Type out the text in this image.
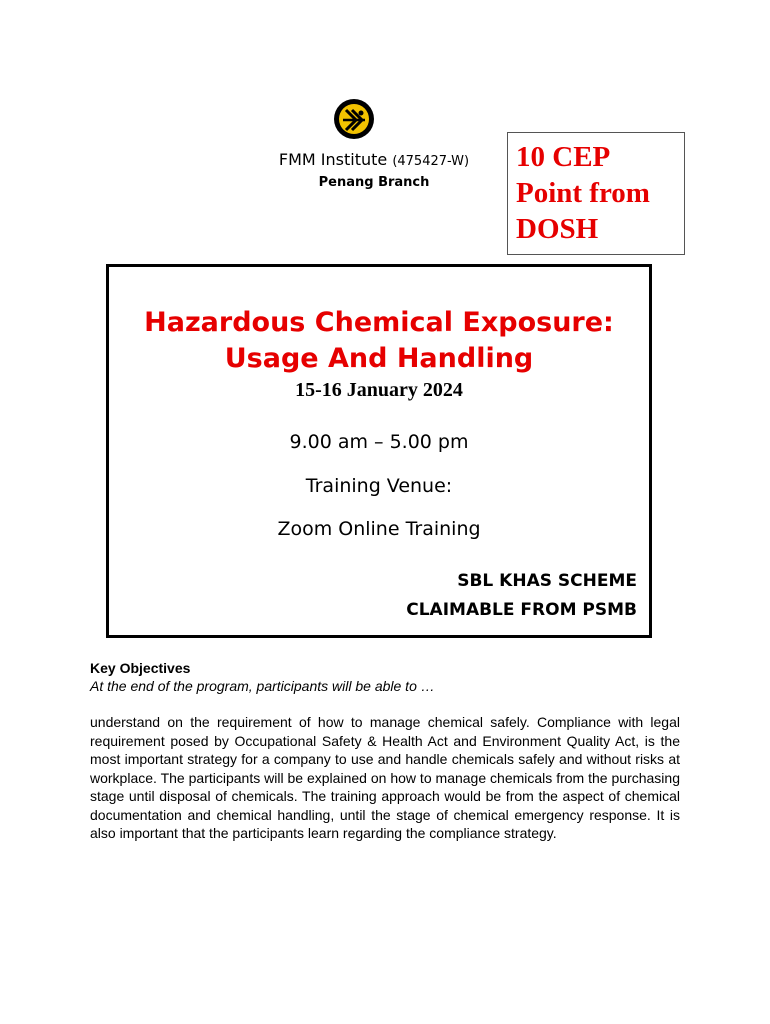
FMM Institute (475427-W)
Penang Branch
10 CEP
Point from
DOSH
Hazardous Chemical Exposure:
Usage And Handling
15-16 January 2024
9.00 am – 5.00 pm
Training Venue:
Zoom Online Training
SBL KHAS SCHEME
CLAIMABLE FROM PSMB
Key Objectives
At the end of the program, participants will be able to …
understand on the requirement of how to manage chemical safely. Compliance with legal requirement posed by Occupational Safety & Health Act and Environment Quality Act, is the most important strategy for a company to use and handle chemicals safely and without risks at workplace. The participants will be explained on how to manage chemicals from the purchasing stage until disposal of chemicals. The training approach would be from the aspect of chemical documentation and chemical handling, until the stage of chemical emergency response. It is also important that the participants learn regarding the compliance strategy.
